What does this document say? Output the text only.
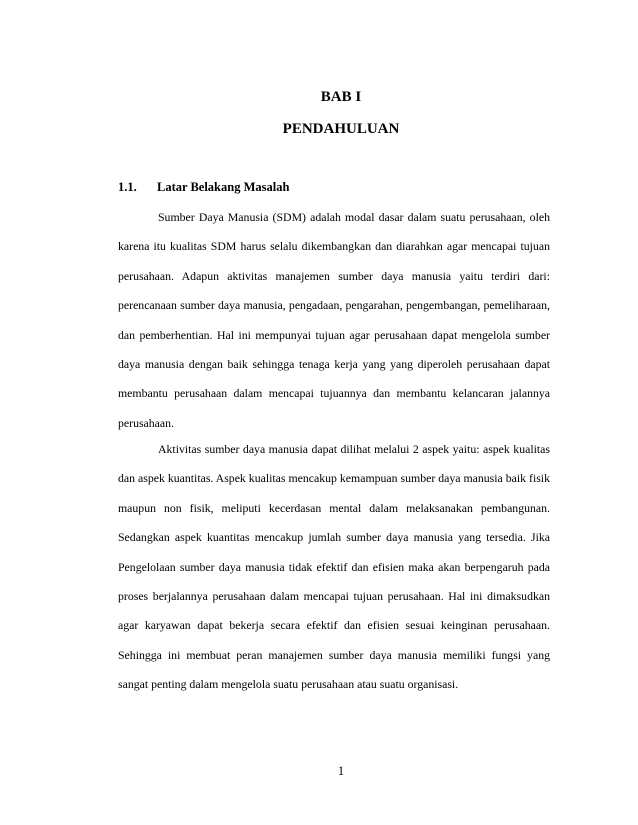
BAB I
PENDAHULUAN
1.1.	Latar Belakang Masalah

Sumber Daya Manusia (SDM) adalah modal dasar dalam suatu perusahaan, oleh karena itu kualitas SDM harus selalu dikembangkan dan diarahkan agar mencapai tujuan perusahaan. Adapun aktivitas manajemen sumber daya manusia yaitu terdiri dari: perencanaan sumber daya manusia, pengadaan, pengarahan, pengembangan, pemeliharaan, dan pemberhentian. Hal ini mempunyai tujuan agar perusahaan dapat mengelola sumber daya manusia dengan baik sehingga tenaga kerja yang yang diperoleh perusahaan dapat membantu perusahaan dalam mencapai tujuannya dan membantu kelancaran jalannya perusahaan.

Aktivitas sumber daya manusia dapat dilihat melalui 2 aspek yaitu: aspek kualitas dan aspek kuantitas. Aspek kualitas mencakup kemampuan sumber daya manusia baik fisik maupun non fisik, meliputi kecerdasan mental dalam melaksanakan pembangunan. Sedangkan aspek kuantitas mencakup jumlah sumber daya manusia yang tersedia. Jika Pengelolaan sumber daya manusia tidak efektif dan efisien maka akan berpengaruh pada proses berjalannya perusahaan dalam mencapai tujuan perusahaan. Hal ini dimaksudkan agar karyawan dapat bekerja secara efektif dan efisien sesuai keinginan perusahaan. Sehingga ini membuat peran manajemen sumber daya manusia memiliki fungsi yang sangat penting dalam mengelola suatu perusahaan atau suatu organisasi.

1
